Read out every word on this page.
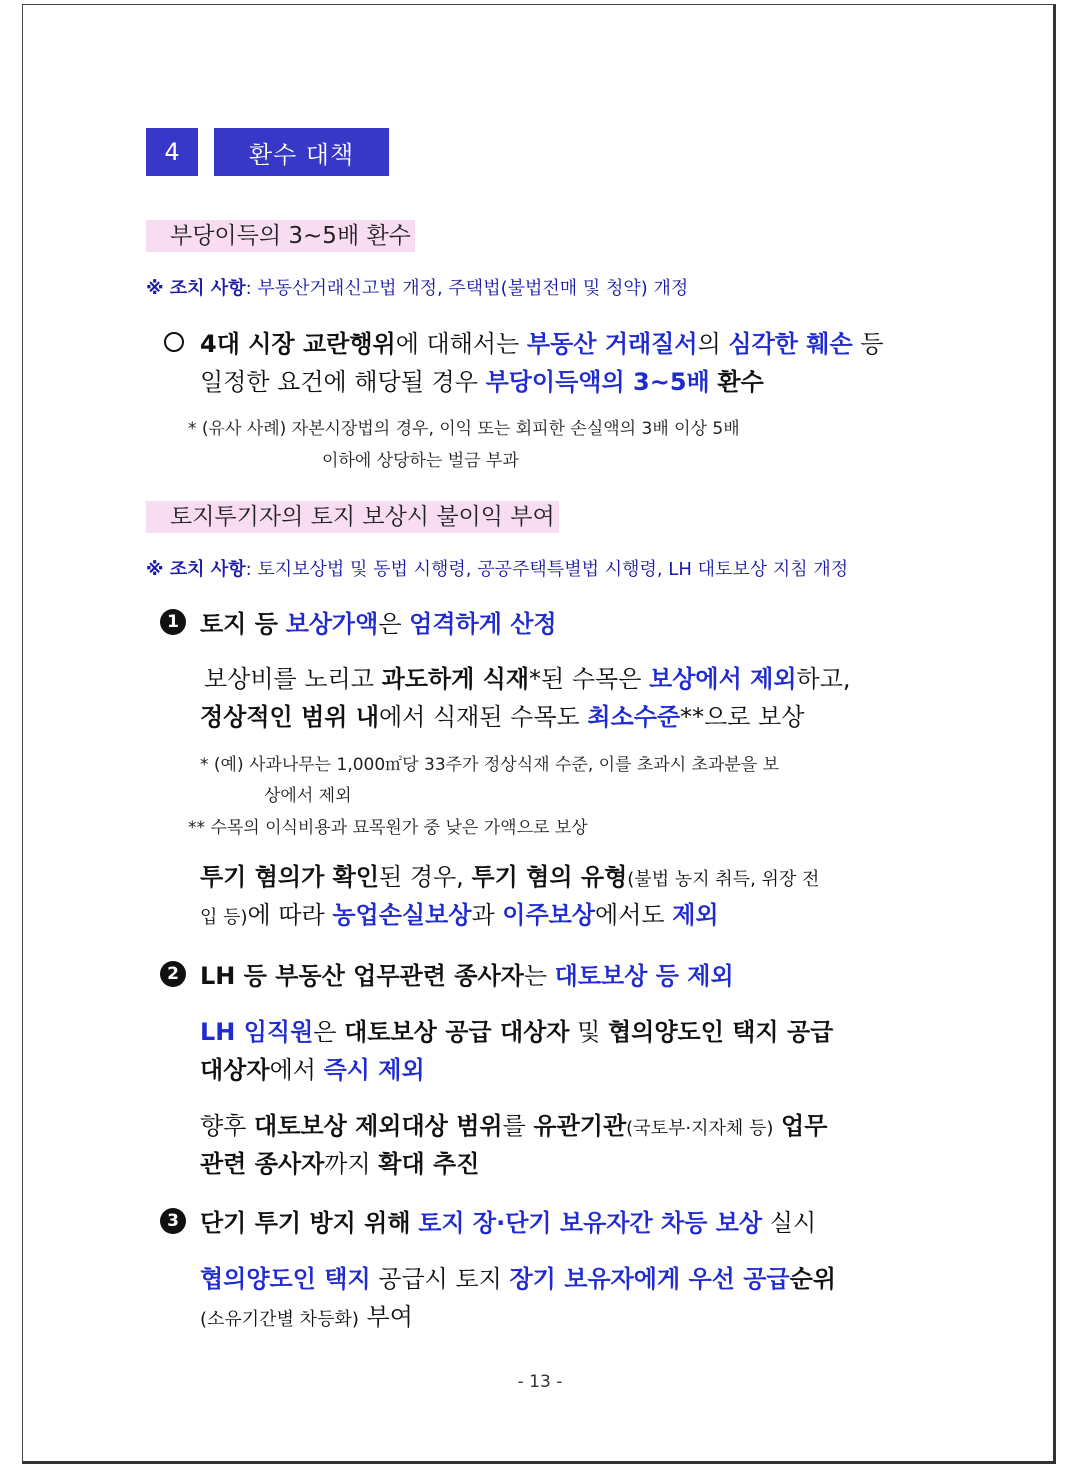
4	환수 대책
부당이득의 3~5배 환수
※ 조치 사항: 부동산거래신고법 개정, 주택법(불법전매 및 청약) 개정
4대 시장 교란행위에 대해서는 부동산 거래질서의 심각한 훼손 등
일정한 요건에 해당될 경우 부당이득액의 3~5배 환수
* (유사 사례) 자본시장법의 경우, 이익 또는 회피한 손실액의 3배 이상 5배
이하에 상당하는 벌금 부과
토지투기자의 토지 보상시 불이익 부여
※ 조치 사항: 토지보상법 및 동법 시행령, 공공주택특별법 시행령, LH 대토보상 지침 개정
1 토지 등 보상가액은 엄격하게 산정
보상비를 노리고 과도하게 식재*된 수목은 보상에서 제외하고,
정상적인 범위 내에서 식재된 수목도 최소수준**으로 보상
* (예) 사과나무는 1,000㎡당 33주가 정상식재 수준, 이를 초과시 초과분을 보
상에서 제외
** 수목의 이식비용과 묘목원가 중 낮은 가액으로 보상
투기 혐의가 확인된 경우, 투기 혐의 유형(불법 농지 취득, 위장 전
입 등)에 따라 농업손실보상과 이주보상에서도 제외
2 LH 등 부동산 업무관련 종사자는 대토보상 등 제외
LH 임직원은 대토보상 공급 대상자 및 협의양도인 택지 공급
대상자에서 즉시 제외
향후 대토보상 제외대상 범위를 유관기관(국토부·지자체 등) 업무
관련 종사자까지 확대 추진
3 단기 투기 방지 위해 토지 장·단기 보유자간 차등 보상 실시
협의양도인 택지 공급시 토지 장기 보유자에게 우선 공급순위
(소유기간별 차등화) 부여
- 13 -
